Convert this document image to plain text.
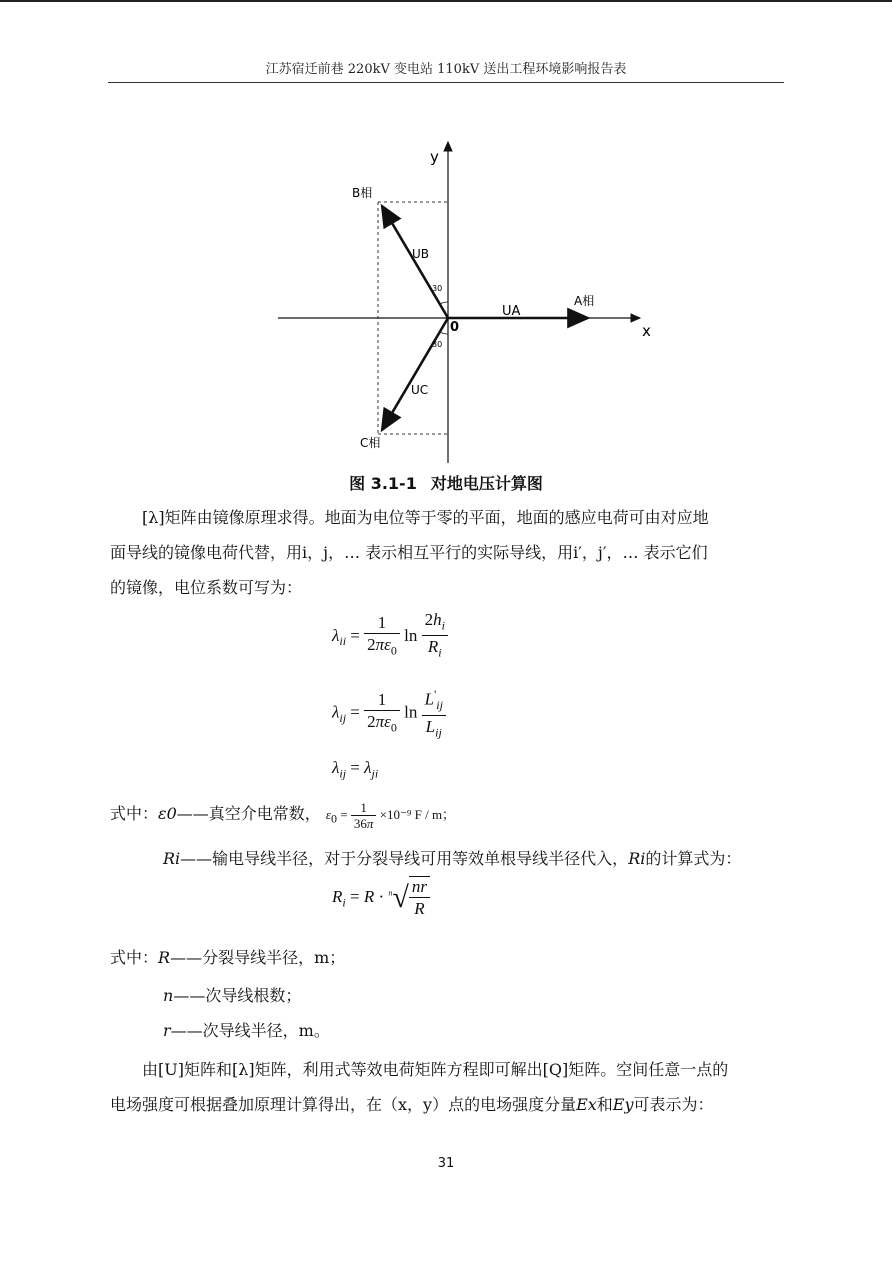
江苏宿迁前巷 220kV 变电站 110kV 送出工程环境影响报告表
y
x
0
A相
B相
C相
UA
UB
UC
30
30
图 3.1-1 对地电压计算图
[λ]矩阵由镜像原理求得。地面为电位等于零的平面，地面的感应电荷可由对应地
面导线的镜像电荷代替，用i，j，… 表示相互平行的实际导线，用i′，j′，… 表示它们
的镜像，电位系数可写为：
$\lambda_{ii} = \frac{1}{2\pi\varepsilon_0}$ $\ln \frac{2h_i}{R_i}$
$\lambda_{ij} = \frac{1}{2\pi\varepsilon_0}$ $\ln \frac{L'_{ij}}{L_{ij}}$
$\lambda_{ij} = \lambda_{ji}$
式中：ε0——真空介电常数， $\varepsilon_0 = \frac{1}{36\pi} \times 10^{-9}$ F / m；
Ri——输电导线半径，对于分裂导线可用等效单根导线半径代入，Ri的计算式为：
$R_i = R \cdot ^n√ \frac{nr}{R}$
式中：R——分裂导线半径，m；
n——次导线根数；
r——次导线半径，m。
由[U]矩阵和[λ]矩阵，利用式等效电荷矩阵方程即可解出[Q]矩阵。空间任意一点的
电场强度可根据叠加原理计算得出，在（x，y）点的电场强度分量Ex和Ey可表示为：
31
